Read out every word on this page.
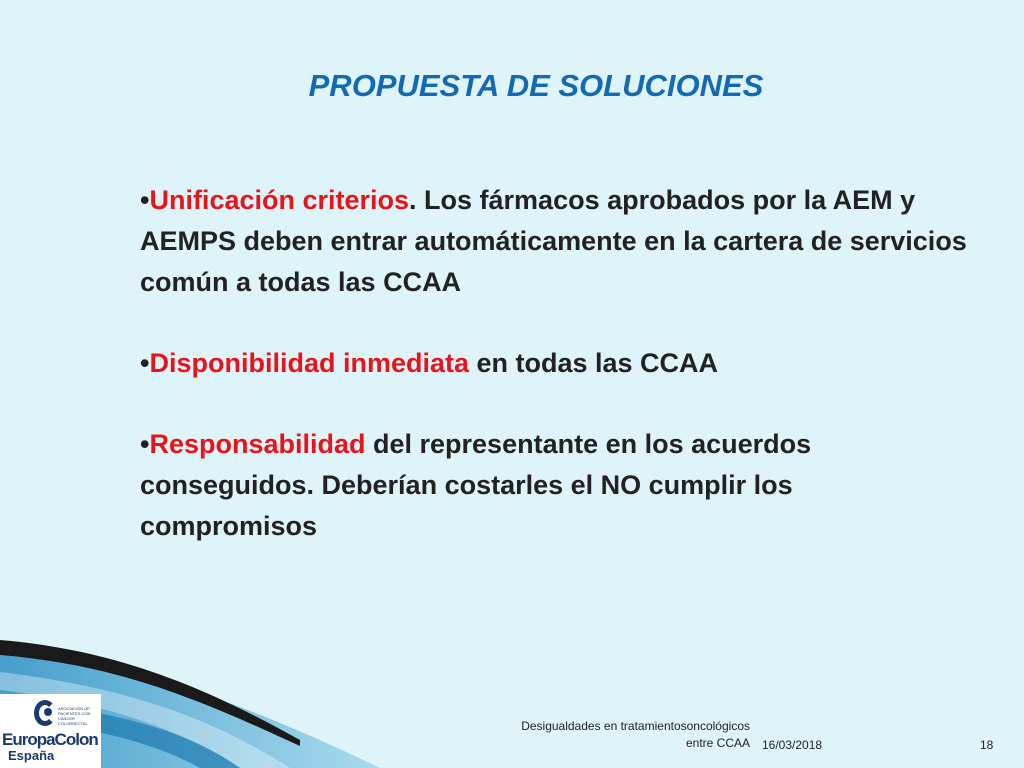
PROPUESTA DE SOLUCIONES
•Unificación criterios. Los fármacos aprobados por la AEM y AEMPS deben entrar automáticamente en la cartera de servicios común a todas las CCAA
•Disponibilidad inmediata en todas las CCAA
•Responsabilidad del representante en los acuerdos conseguidos. Deberían costarles el NO cumplir los compromisos
ASOCIACIÓN DE PACIENTES CON CÁNCER COLORRECTAL
EuropaColon
España
Desigualdades en tratamientosoncológicos entre CCAA 16/03/2018	18
